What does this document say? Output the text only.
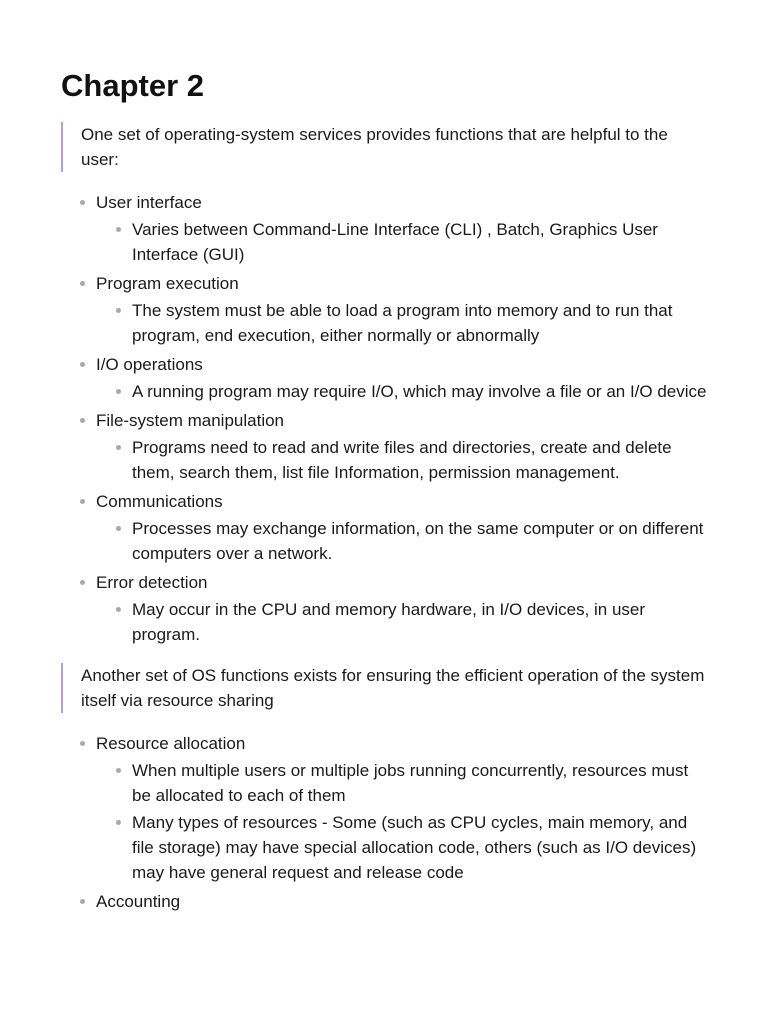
Chapter 2
One set of operating-system services provides functions that are helpful to the user:
User interface
Varies between Command-Line Interface (CLI) , Batch, Graphics User Interface (GUI)
Program execution
The system must be able to load a program into memory and to run that program, end execution, either normally or abnormally
I/O operations
A running program may require I/O, which may involve a file or an I/O device
File-system manipulation
Programs need to read and write files and directories, create and delete them, search them, list file Information, permission management.
Communications
Processes may exchange information, on the same computer or on different computers over a network.
Error detection
May occur in the CPU and memory hardware, in I/O devices, in user program.
Another set of OS functions exists for ensuring the efficient operation of the system itself via resource sharing
Resource allocation
When multiple users or multiple jobs running concurrently, resources must be allocated to each of them
Many types of resources - Some (such as CPU cycles, main memory, and file storage) may have special allocation code, others (such as I/O devices) may have general request and release code
Accounting
